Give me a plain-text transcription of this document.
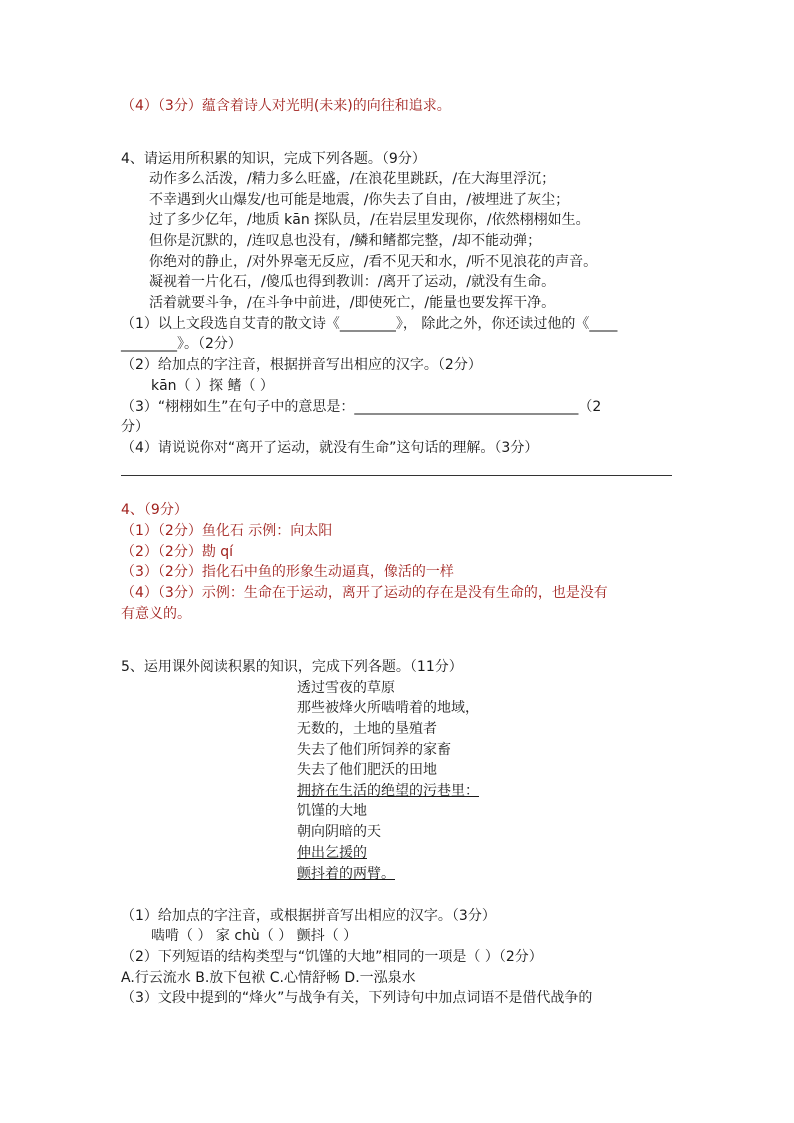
（4）（3分）蕴含着诗人对光明(未来)的向往和追求。
4、请运用所积累的知识，完成下列各题。（9分）
动作多么活泼，/精力多么旺盛，/在浪花里跳跃，/在大海里浮沉；
不幸遇到火山爆发/也可能是地震，/你失去了自由，/被埋进了灰尘；
过了多少亿年，/地质 kān 探队员，/在岩层里发现你，/依然栩栩如生。
但你是沉默的，/连叹息也没有，/鳞和鳍都完整，/却不能动弹；
你绝对的静止，/对外界毫无反应，/看不见天和水，/听不见浪花的声音。
凝视着一片化石，/傻瓜也得到教训：/离开了运动，/就没有生命。
活着就要斗争，/在斗争中前进，/即使死亡，/能量也要发挥干净。
（1）以上文段选自艾青的散文诗《________》， 除此之外，你还读过他的《____
________》。（2分）
（2）给加点的字注音，根据拼音写出相应的汉字。（2分）
kān（ ）探 鳍（ ）
（3）“栩栩如生”在句子中的意思是：________________________________（2
分）
（4）请说说你对“离开了运动，就没有生命”这句话的理解。（3分）
4、（9分）
（1）（2分）鱼化石 示例：向太阳
（2）（2分）勘 qí
（3）（2分）指化石中鱼的形象生动逼真，像活的一样
（4）（3分）示例：生命在于运动，离开了运动的存在是没有生命的，也是没有
有意义的。
5、运用课外阅读积累的知识，完成下列各题。（11分）
透过雪夜的草原
那些被烽火所啮啃着的地域，
无数的，土地的垦殖者
失去了他们所饲养的家畜
失去了他们肥沃的田地
拥挤在生活的绝望的污巷里：
饥馑的大地
朝向阴暗的天
伸出乞援的
颤抖着的两臂。
（1）给加点的字注音，或根据拼音写出相应的汉字。（3分）
啮啃（ ） 家 chù（ ） 颤抖（ ）
（2）下列短语的结构类型与“饥馑的大地”相同的一项是（ ）（2分）
A.行云流水 B.放下包袱 C.心情舒畅 D.一泓泉水
（3）文段中提到的“烽火”与战争有关，下列诗句中加点词语不是借代战争的
